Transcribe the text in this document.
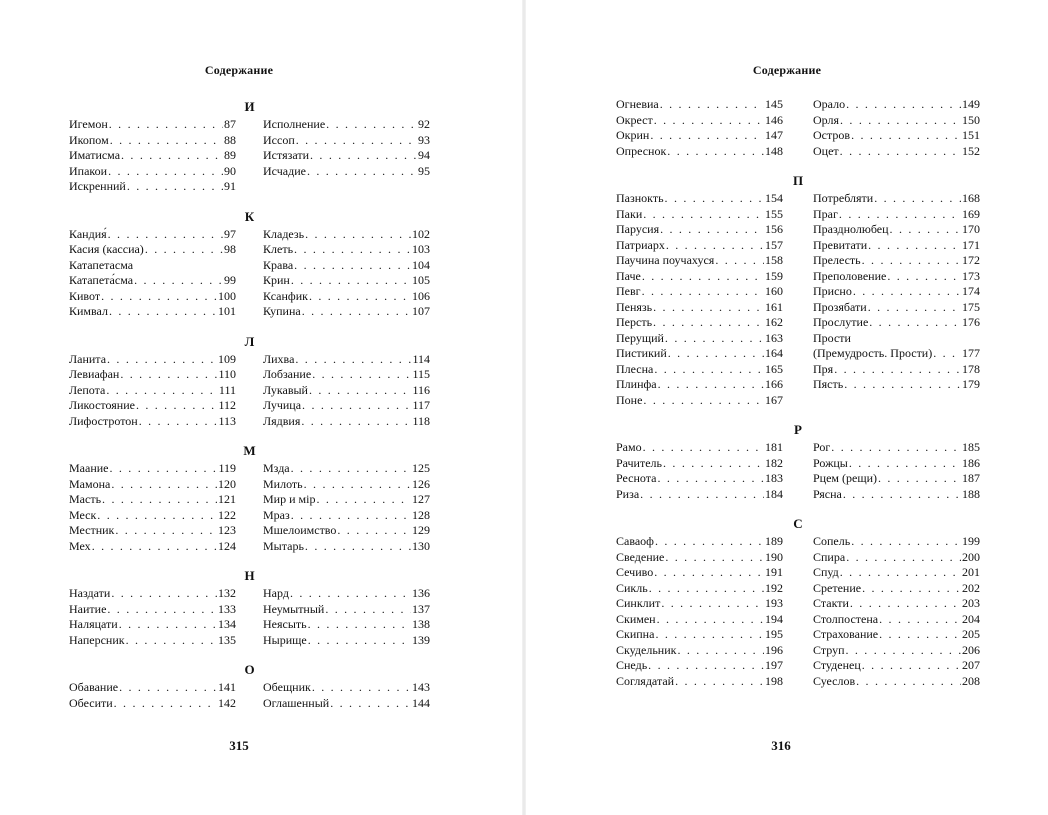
Содержание
И
Игемон . . .	87
Икопом . . .	88
Иматисма . . .	89
Ипакои . . .	90
Искренний . . .	91
Исполнение . . .	92
Иссоп . . .	93
Истязати . . .	94
Исчадие . . .	95
К
Кандия́ . . .	97
Касия (кассиа) . . .	98
Катапетасма
Катапета́сма . . .	99
Кивот . . .	100
Кимвал . . .	101
Кладезь . . .	102
Клеть . . .	103
Крава . . .	104
Крин . . .	105
Ксанфик . . .	106
Купина . . .	107
Л
Ланита . . .	109
Левиафан . . .	110
Лепота . . .	111
Ликостояние . . .	112
Лифостротон . . .	113
Лихва . . .	114
Лобзание . . .	115
Лукавый . . .	116
Лучица . . .	117
Лядвия . . .	118
М
Маание . . .	119
Мамона . . .	120
Масть . . .	121
Меск . . .	122
Местник . . .	123
Мех . . .	124
Мзда . . .	125
Милоть . . .	126
Мир и мір . . .	127
Мраз . . .	128
Мшелоимство . . .	129
Мытарь . . .	130
Н
Наздати . . .	132
Наитие . . .	133
Наляцати . . .	134
Наперсник . . .	135
Нард . . .	136
Неумытный . . .	137
Неясыть . . .	138
Нырище . . .	139
О
Обавание . . .	141
Обесити . . .	142
Обещник . . .	143
Оглашенный . . .	144
315
Содержание
Огневиа . . .	145
Окрест . . .	146
Окрин . . .	147
Опреснок . . .	148
Орало . . .	149
Орля . . .	150
Остров . . .	151
Оцет . . .	152
П
Пазнокть . . .	154
Паки . . .	155
Парусия . . .	156
Патриарх . . .	157
Паучина поучахуся . . .	158
Паче . . .	159
Певг . . .	160
Пенязь . . .	161
Персть . . .	162
Перущий . . .	163
Пистикий . . .	164
Плесна . . .	165
Плинфа . . .	166
Поне . . .	167
Потребляти . . .	168
Праг . . .	169
Празднолюбец . . .	170
Превитати . . .	171
Прелесть . . .	172
Преполовение . . .	173
Присно . . .	174
Прозябати . . .	175
Прослутие . . .	176
Прости
(Премудрость. Прости) . . . 177
Пря . . .	178
Пясть . . .	179
Р
Рамо . . .	181
Рачитель . . .	182
Реснота . . .	183
Риза . . .	184
Рог . . .	185
Рожцы . . .	186
Рцем (рещи) . . .	187
Рясна . . .	188
С
Саваоф . . .	189
Сведение . . .	190
Сечиво . . .	191
Сикль . . .	192
Синклит . . .	193
Скимен . . .	194
Скипна . . .	195
Скудельник . . .	196
Снедь . . .	197
Соглядатай . . .	198
Сопель . . .	199
Спира . . .	200
Спуд . . .	201
Сретение . . .	202
Стакти . . .	203
Столпостена . . .	204
Страхование . . .	205
Струп . . .	206
Студенец . . .	207
Суеслов . . .	208
316
